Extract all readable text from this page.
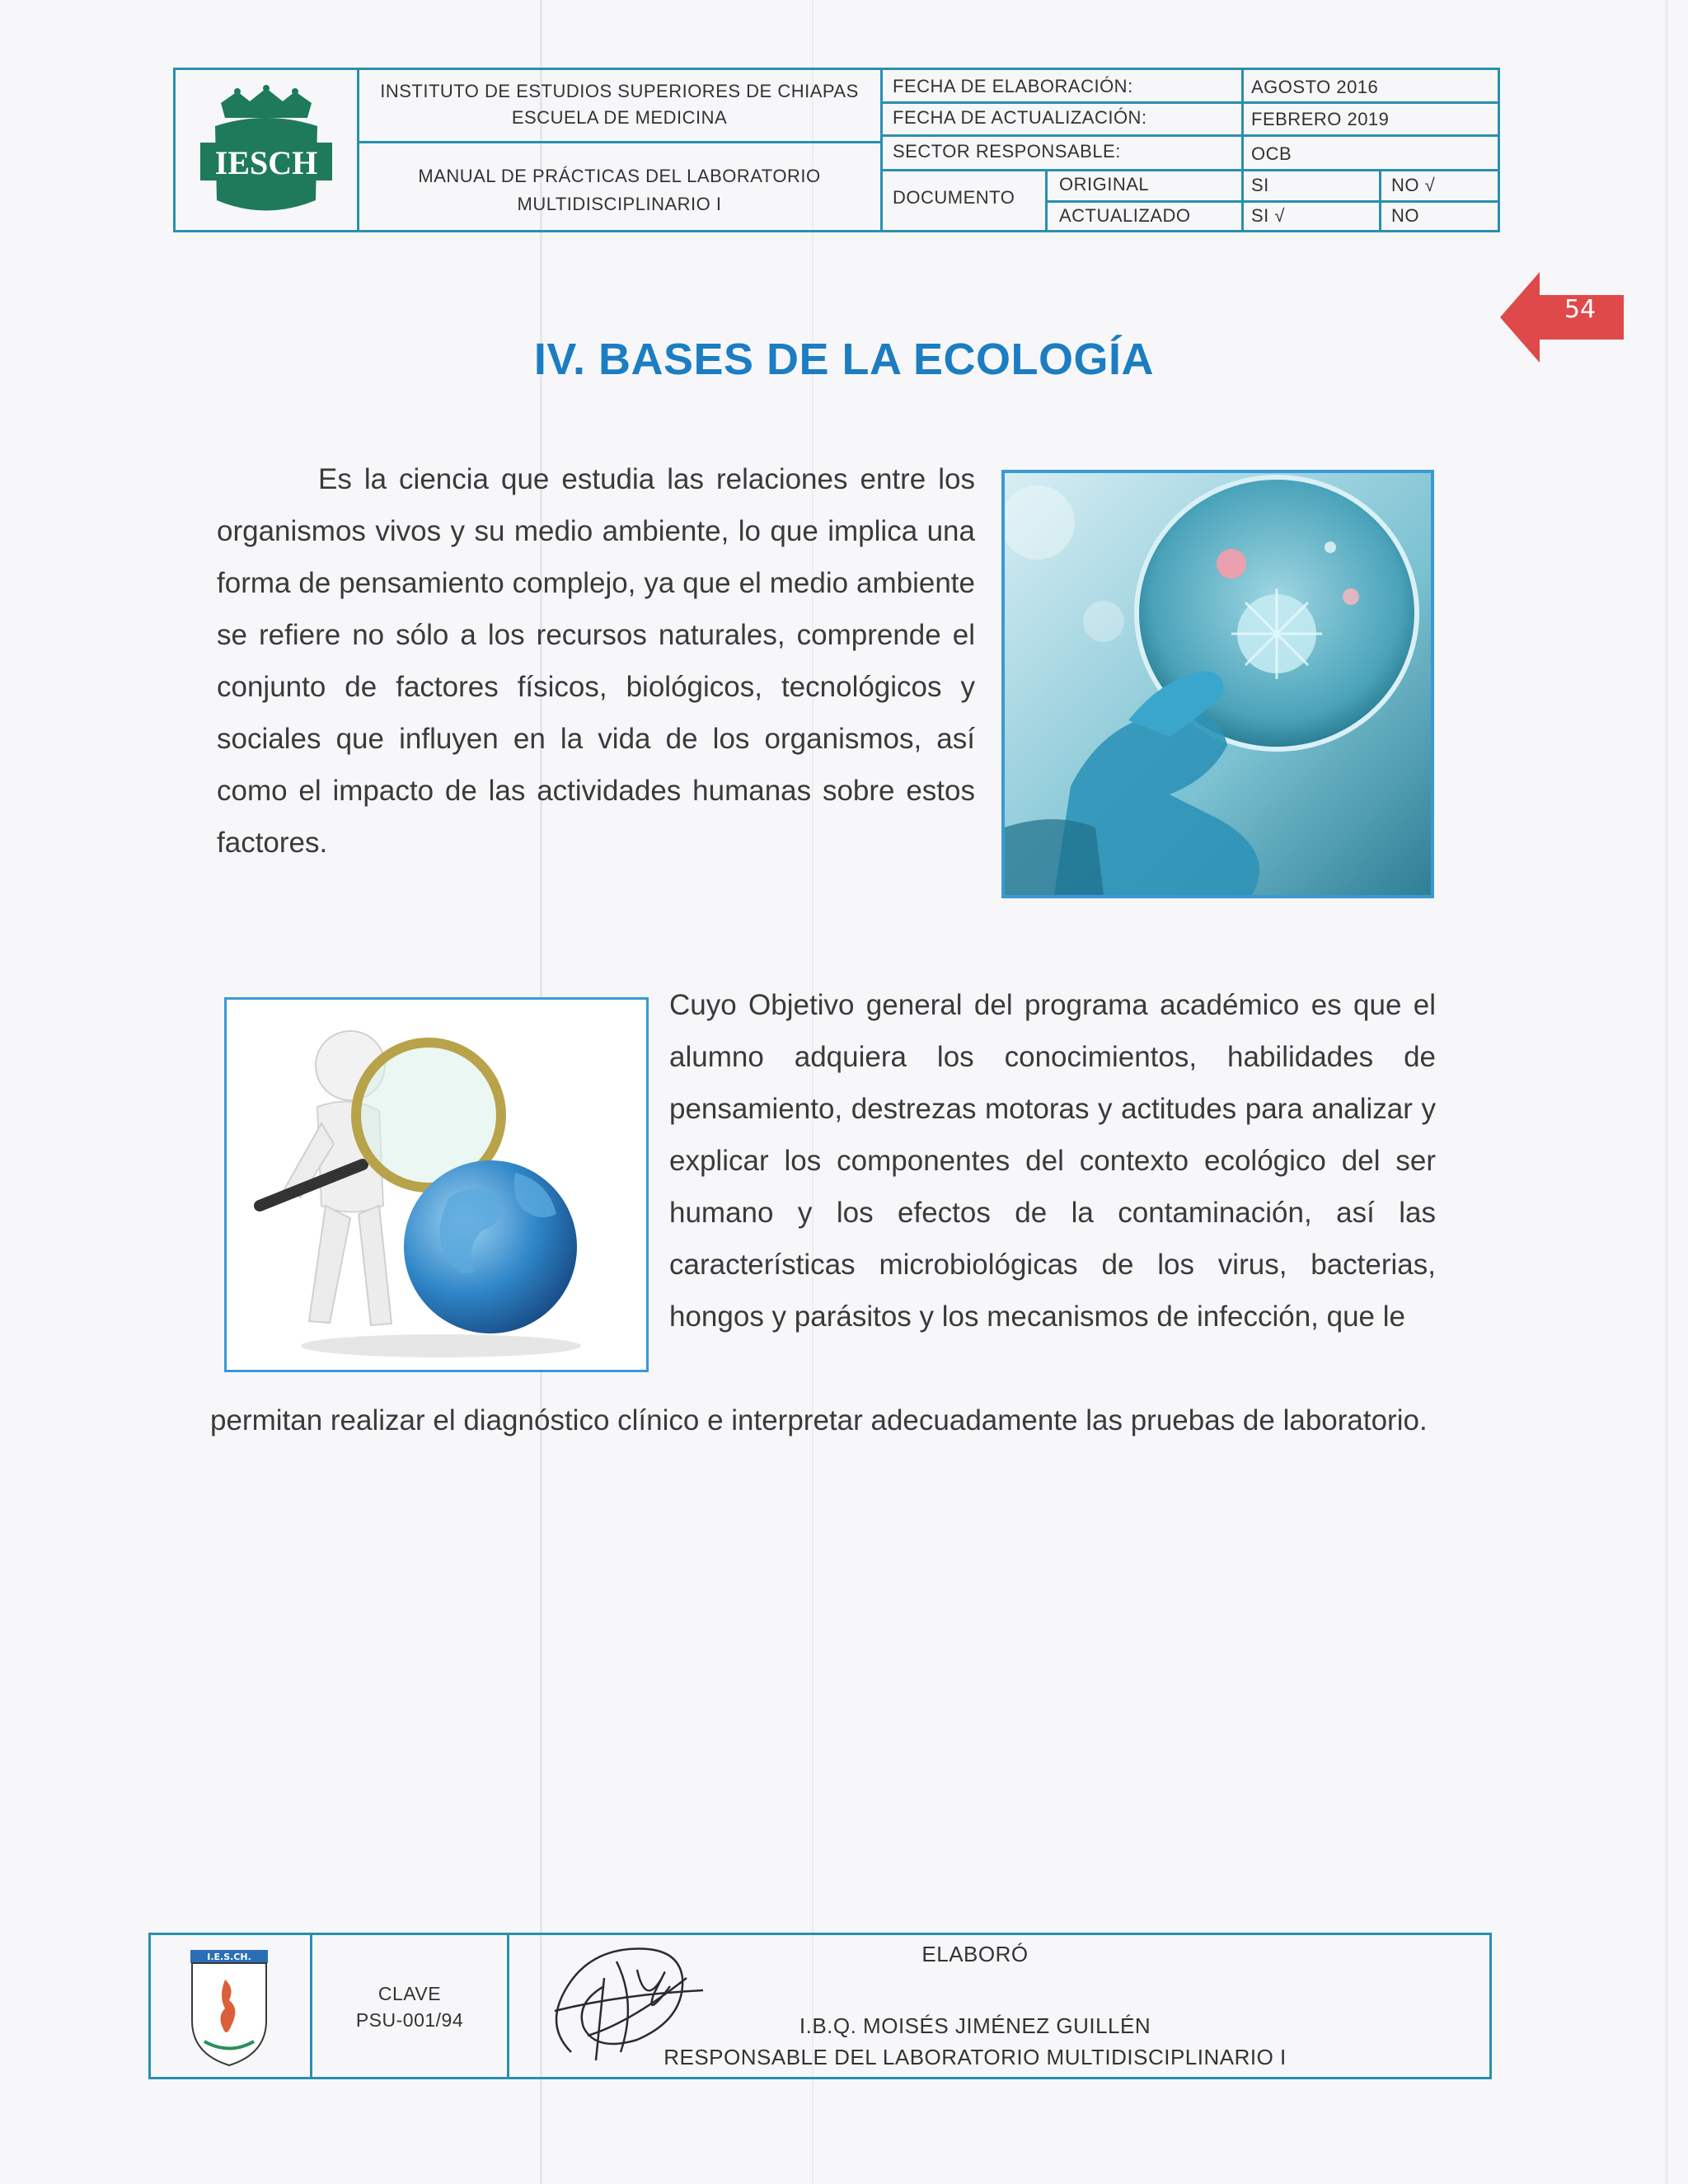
IESCH
INSTITUTO DE ESTUDIOS SUPERIORES DE CHIAPAS
ESCUELA DE MEDICINA
MANUAL DE PRÁCTICAS DEL LABORATORIO
MULTIDISCIPLINARIO I
FECHA DE ELABORACIÓN:	AGOSTO 2016
FECHA DE ACTUALIZACIÓN:	FEBRERO 2019
SECTOR RESPONSABLE:	OCB
DOCUMENTO
ORIGINAL	SI	NO √
ACTUALIZADO	SI √	NO
54
IV. BASES DE LA ECOLOGÍA
Es la ciencia que estudia las relaciones entre los organismos vivos y su medio ambiente, lo que implica una forma de pensamiento complejo, ya que el medio ambiente se refiere no sólo a los recursos naturales, comprende el conjunto de factores físicos, biológicos, tecnológicos y sociales que influyen en la vida de los organismos, así como el impacto de las actividades humanas sobre estos factores.
Cuyo Objetivo general del programa académico es que el alumno adquiera los conocimientos, habilidades de pensamiento, destrezas motoras y actitudes para analizar y explicar los componentes del contexto ecológico del ser humano y los efectos de la contaminación, así las características microbiológicas de los virus, bacterias, hongos y parásitos y los mecanismos de infección, que le
permitan realizar el diagnóstico clínico e interpretar adecuadamente las pruebas de laboratorio.
I.E.S.CH.
CLAVE
PSU-001/94
ELABORÓ
I.B.Q. MOISÉS JIMÉNEZ GUILLÉN
RESPONSABLE DEL LABORATORIO MULTIDISCIPLINARIO I
